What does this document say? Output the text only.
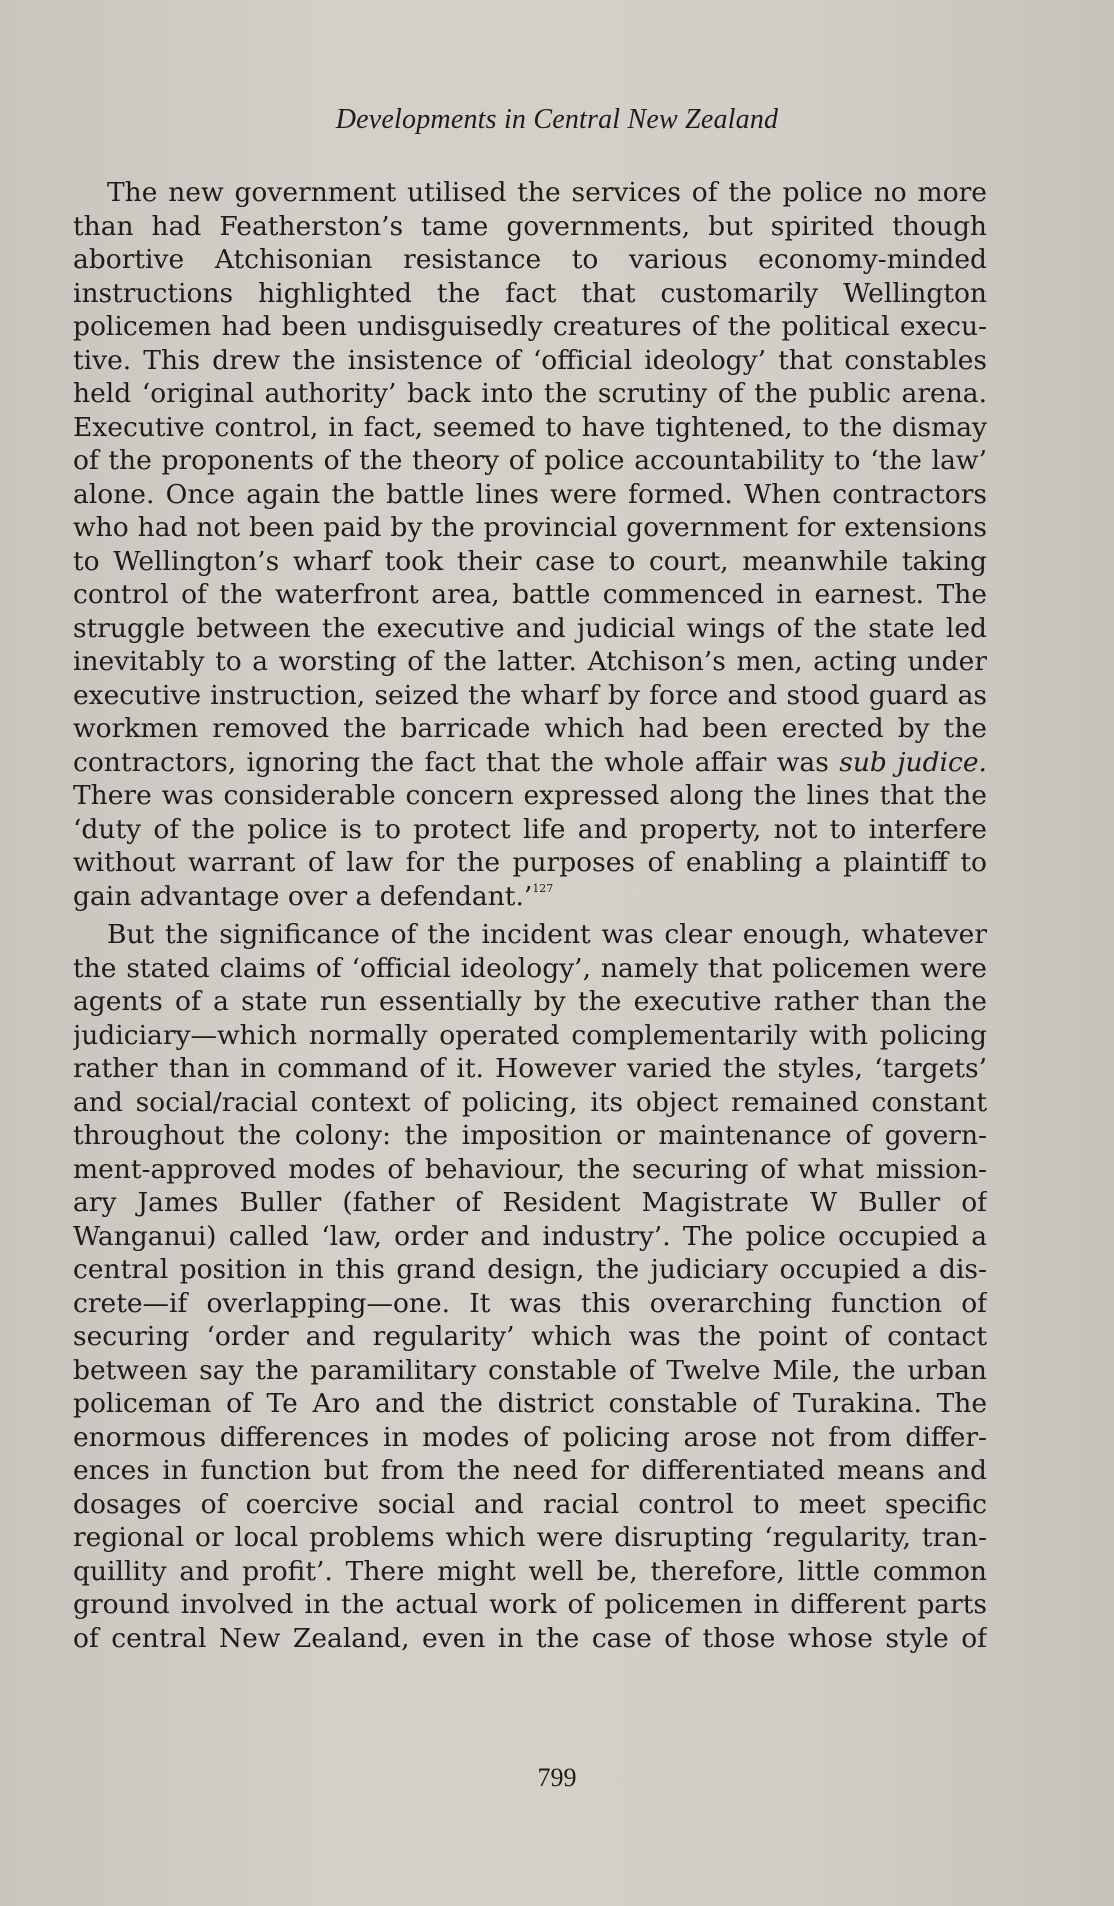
Developments in Central New Zealand
The new government utilised the services of the police no more
than had Featherston’s tame governments, but spirited though
abortive Atchisonian resistance to various economy-minded
instructions highlighted the fact that customarily Wellington
policemen had been undisguisedly creatures of the political execu-
tive. This drew the insistence of ‘official ideology’ that constables
held ‘original authority’ back into the scrutiny of the public arena.
Executive control, in fact, seemed to have tightened, to the dismay
of the proponents of the theory of police accountability to ‘the law’
alone. Once again the battle lines were formed. When contractors
who had not been paid by the provincial government for extensions
to Wellington’s wharf took their case to court, meanwhile taking
control of the waterfront area, battle commenced in earnest. The
struggle between the executive and judicial wings of the state led
inevitably to a worsting of the latter. Atchison’s men, acting under
executive instruction, seized the wharf by force and stood guard as
workmen removed the barricade which had been erected by the
contractors, ignoring the fact that the whole affair was sub judice.
There was considerable concern expressed along the lines that the
‘duty of the police is to protect life and property, not to interfere
without warrant of law for the purposes of enabling a plaintiff to
gain advantage over a defendant.’$^{127}$
But the significance of the incident was clear enough, whatever
the stated claims of ‘official ideology’, namely that policemen were
agents of a state run essentially by the executive rather than the
judiciary—which normally operated complementarily with policing
rather than in command of it. However varied the styles, ‘targets’
and social/racial context of policing, its object remained constant
throughout the colony: the imposition or maintenance of govern-
ment-approved modes of behaviour, the securing of what mission-
ary James Buller (father of Resident Magistrate W Buller of
Wanganui) called ‘law, order and industry’. The police occupied a
central position in this grand design, the judiciary occupied a dis-
crete—if overlapping—one. It was this overarching function of
securing ‘order and regularity’ which was the point of contact
between say the paramilitary constable of Twelve Mile, the urban
policeman of Te Aro and the district constable of Turakina. The
enormous differences in modes of policing arose not from differ-
ences in function but from the need for differentiated means and
dosages of coercive social and racial control to meet specific
regional or local problems which were disrupting ‘regularity, tran-
quillity and profit’. There might well be, therefore, little common
ground involved in the actual work of policemen in different parts
of central New Zealand, even in the case of those whose style of
799
